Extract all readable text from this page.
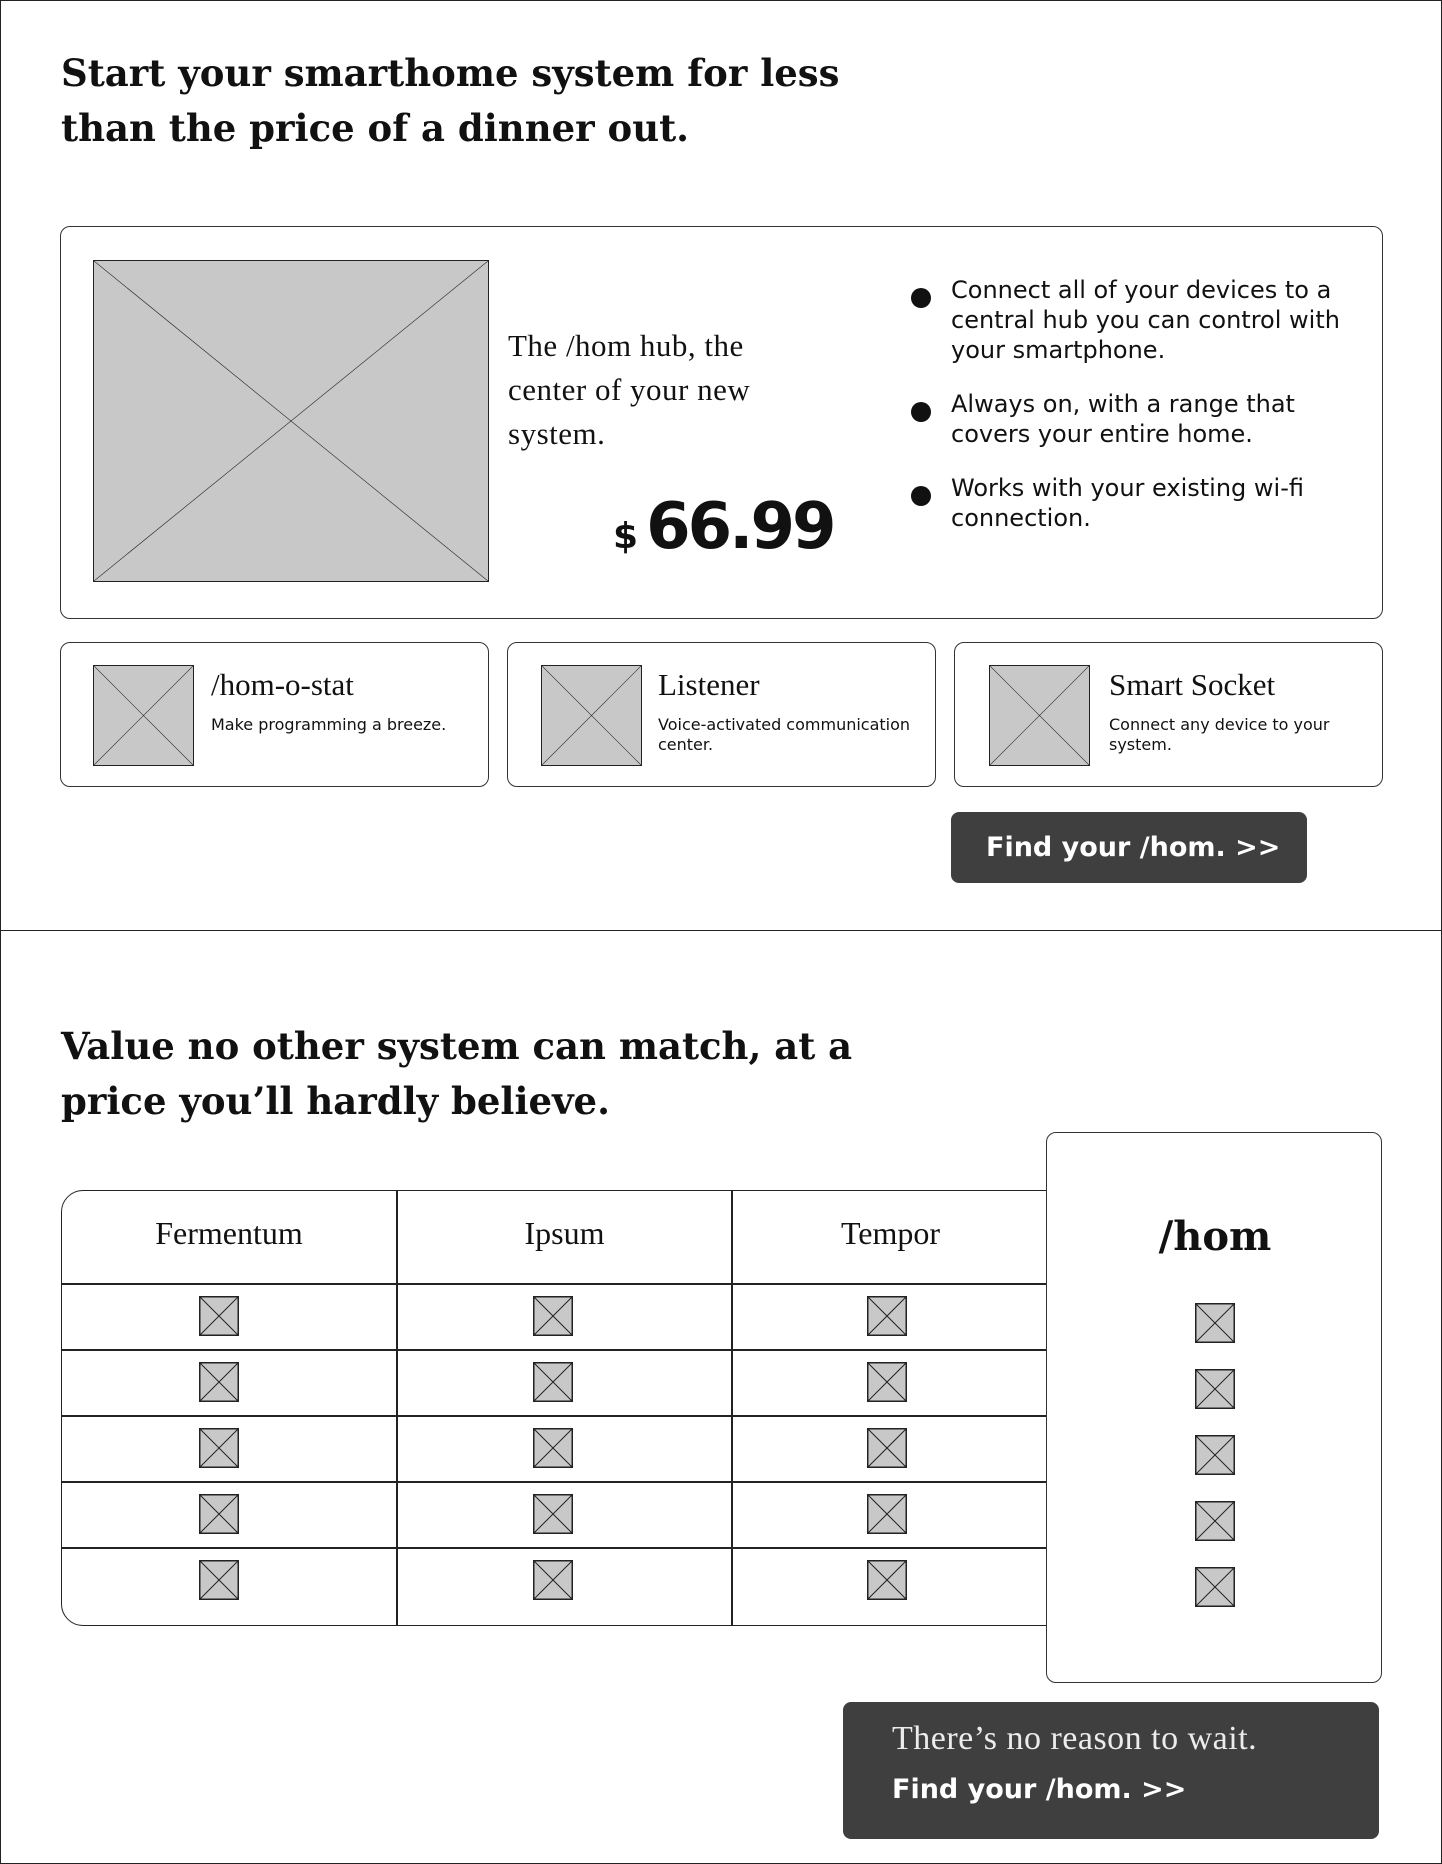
Start your smarthome system for less
than the price of a dinner out.
The /hom hub, the
center of your new
system.
$ 66.99
Connect all of your devices to a
central hub you can control with
your smartphone.
Always on, with a range that
covers your entire home.
Works with your existing wi-fi
connection.
/hom-o-stat
Make programming a breeze.
Listener
Voice-activated communication
center.
Smart Socket
Connect any device to your
system.
Find your /hom. >>
Value no other system can match, at a
price you’ll hardly believe.
Fermentum	Ipsum	Tempor	/hom
There’s no reason to wait.
Find your /hom. >>
